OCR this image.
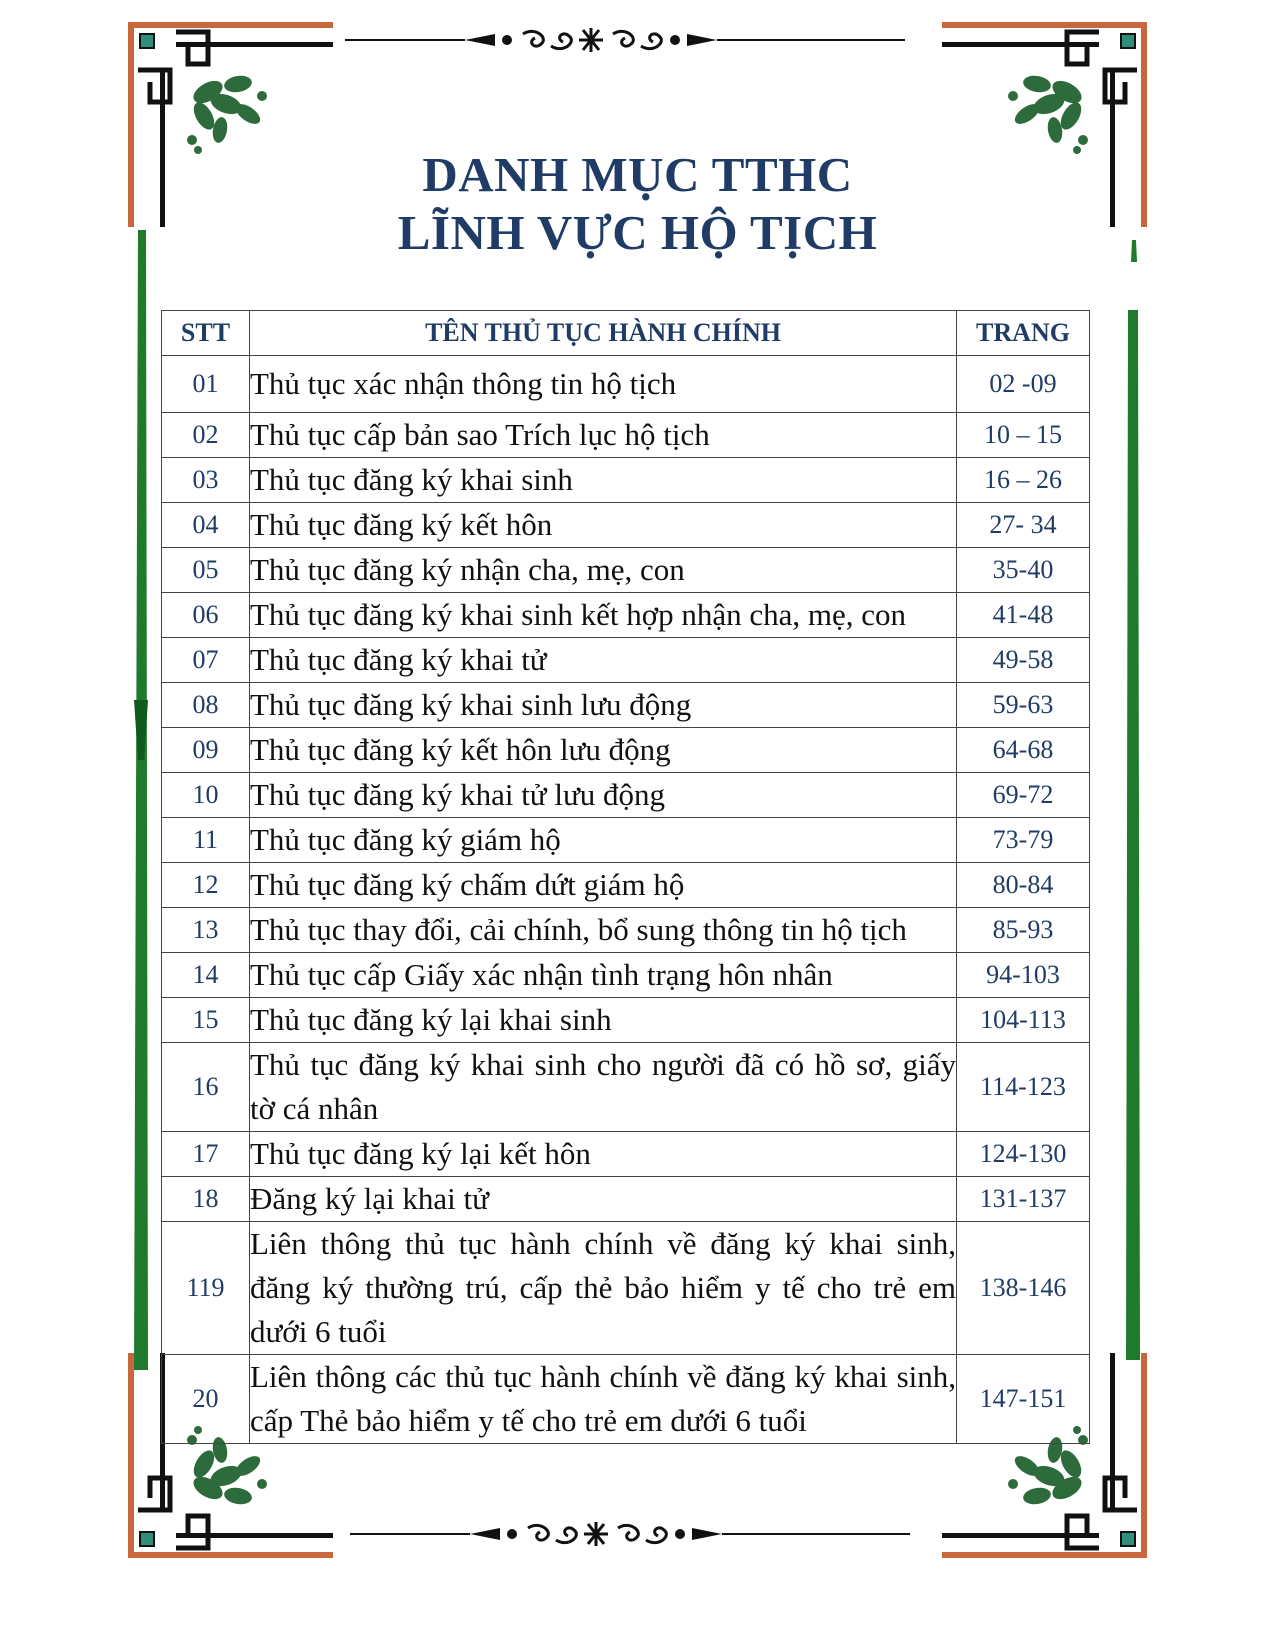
DANH MỤC TTHC
LĨNH VỰC HỘ TỊCH
STT	TÊN THỦ TỤC HÀNH CHÍNH	TRANG
01	Thủ tục xác nhận thông tin hộ tịch	02 -09
02	Thủ tục cấp bản sao Trích lục hộ tịch	10 – 15
03	Thủ tục đăng ký khai sinh	16 – 26
04	Thủ tục đăng ký kết hôn	27- 34
05	Thủ tục đăng ký nhận cha, mẹ, con	35-40
06	Thủ tục đăng ký khai sinh kết hợp nhận cha, mẹ, con	41-48
07	Thủ tục đăng ký khai tử	49-58
08	Thủ tục đăng ký khai sinh lưu động	59-63
09	Thủ tục đăng ký kết hôn lưu động	64-68
10	Thủ tục đăng ký khai tử lưu động	69-72
11	Thủ tục đăng ký giám hộ	73-79
12	Thủ tục đăng ký chấm dứt giám hộ	80-84
13	Thủ tục thay đổi, cải chính, bổ sung thông tin hộ tịch	85-93
14	Thủ tục cấp Giấy xác nhận tình trạng hôn nhân	94-103
15	Thủ tục đăng ký lại khai sinh	104-113
16	Thủ tục đăng ký khai sinh cho người đã có hồ sơ, giấy tờ cá nhân	114-123
17	Thủ tục đăng ký lại kết hôn	124-130
18	Đăng ký lại khai tử	131-137
119	Liên thông thủ tục hành chính về đăng ký khai sinh, đăng ký thường trú, cấp thẻ bảo hiểm y tế cho trẻ em dưới 6 tuổi	138-146
20	Liên thông các thủ tục hành chính về đăng ký khai sinh, cấp Thẻ bảo hiểm y tế cho trẻ em dưới 6 tuổi	147-151
